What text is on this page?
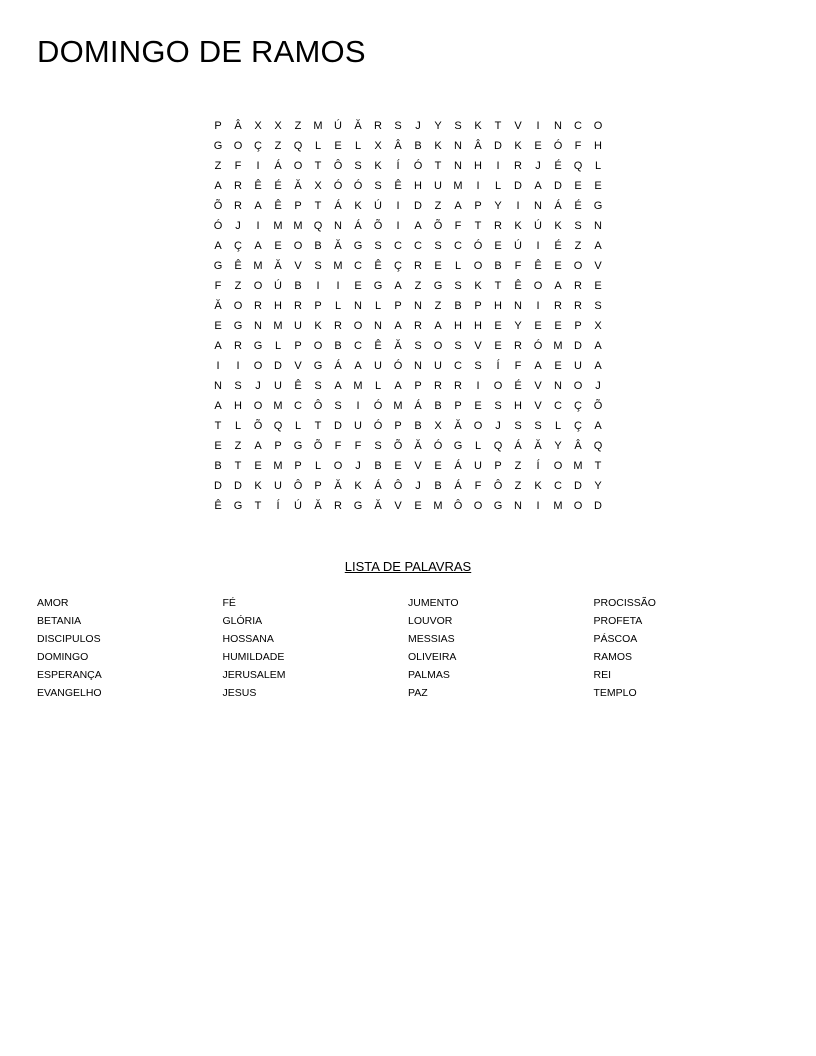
DOMINGO DE RAMOS
P	Â	X	X	Z	M	Ú	Ă	R	S	J	Y	S	K	T	V	I	N	C	O
G	O	Ç	Z	Q	L	E	L	X	Â	B	K	N	Â	D	K	E	Ó	F	H
Z	F	I	Á	O	T	Ô	S	K	Í	Ó	T	N	H	I	R	J	É	Q	L
A	R	Ê	É	Ă	X	Ó	Ó	S	Ê	H	U	M	I	L	D	A	D	E	E
Õ	R	A	Ê	P	T	Á	K	Ú	I	D	Z	A	P	Y	I	N	Á	É	G
Ó	J	I	M M	Q	N	Á	Õ	I	A	Õ	F	T	R	K	Ú	K	S	N
A	Ç	A	E	O	B	Ă	G	S	C	C	S	C	Ó	E	Ú	I	É	Z	A
G	Ê	M	Ă	V	S	M	C	Ê	Ç	R	E	L	O	B	F	Ê	E	O	V
F	Z	O	Ú	B	I	I	E	G	A	Z	G	S	K	T	Ê	O	A	R	E
Ă	O	R	H	R	P	L	N	L	P	N	Z	B	P	H	N	I	R	R	S
E	G	N	M	U	K	R	O	N	A	R	A	H	H	E	Y	E	E	P	X
A	R	G	L	P	O	B	C	Ê	Ă	S	O	S	V	E	R	Ó	M	D	A
I	I	O	D	V	G	Á	A	U	Ó	N	U	C	S	Í	F	A	E	U	A
N	S	J	U	Ê	S	A	M	L	A	P	R	R	I	O	É	V	N	O	J
A	H	O	M	C	Ô	S	I	Ó	M	Á	B	P	E	S	H	V	C	Ç	Õ
T	L	Õ	Q	L	T	D	U	Ó	P	B	X	Ă	O	J	S	S	L	Ç	A
E	Z	A	P	G	Õ	F	F	S	Õ	Ă	Ó	G	L	Q	Á	Ă	Y	Â	Q
B	T	E	M	P	L	O	J	B	E	V	E	Á	U	P	Z	Í	O	M	T
D	D	K	U	Ô	P	Ă	K	Á	Ô	J	B	Á	F	Ô	Z	K	C	D	Y
Ê	G	T	Í	Ú	Ă	R	G	Ă	V	E	M	Ô	O	G	N	I	M	O	D
LISTA DE PALAVRAS
AMOR
BETANIA
DISCIPULOS
DOMINGO
ESPERANÇA
EVANGELHO
FÉ
GLÓRIA
HOSSANA
HUMILDADE
JERUSALEM
JESUS
JUMENTO
LOUVOR
MESSIAS
OLIVEIRA
PALMAS
PAZ
PROCISSÃO
PROFETA
PÁSCOA
RAMOS
REI
TEMPLO
